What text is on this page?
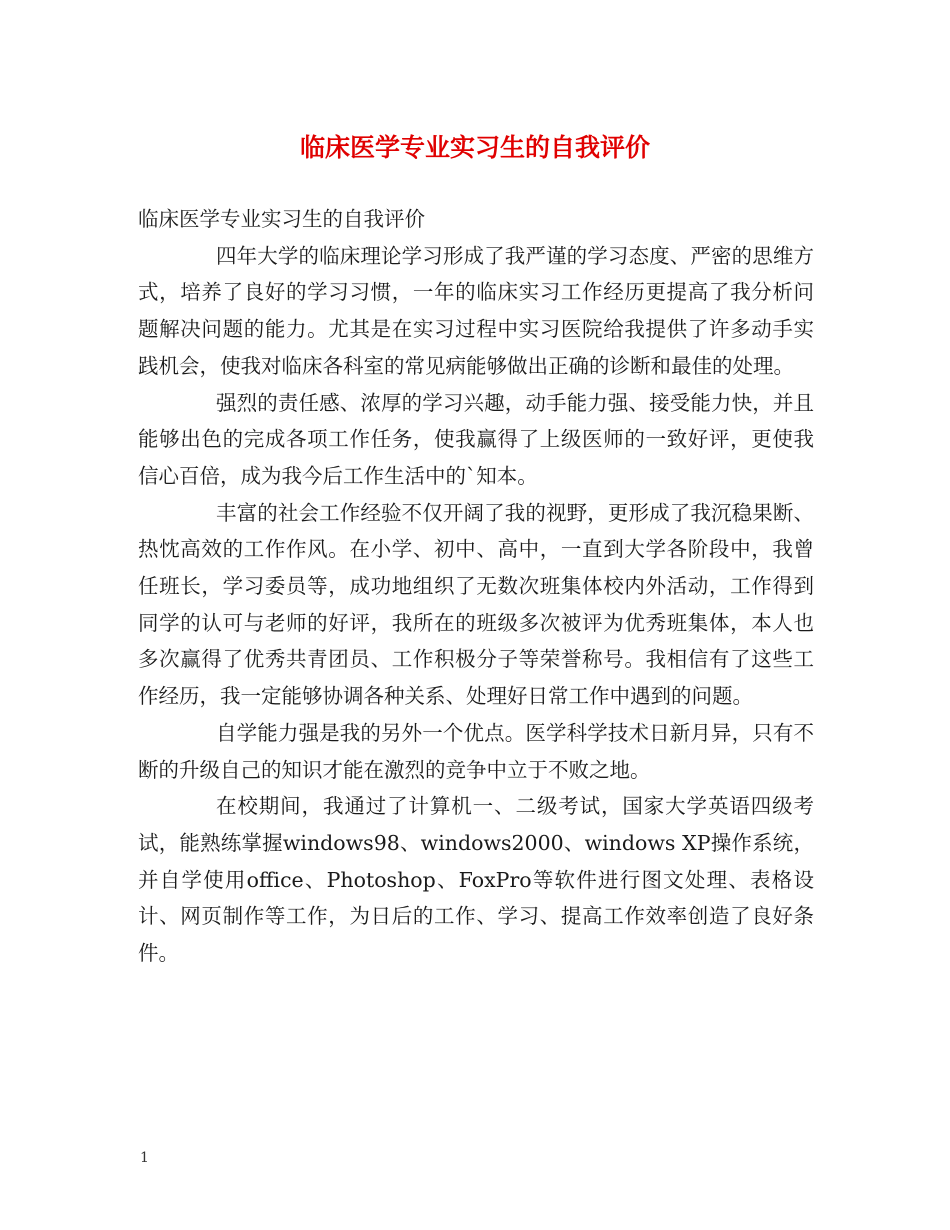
临床医学专业实习生的自我评价

临床医学专业实习生的自我评价

四年大学的临床理论学习形成了我严谨的学习态度、严密的思维方式，培养了良好的学习习惯，一年的临床实习工作经历更提高了我分析问题解决问题的能力。尤其是在实习过程中实习医院给我提供了许多动手实践机会，使我对临床各科室的常见病能够做出正确的诊断和最佳的处理。

强烈的责任感、浓厚的学习兴趣，动手能力强、接受能力快，并且能够出色的完成各项工作任务，使我赢得了上级医师的一致好评，更使我信心百倍，成为我今后工作生活中的`知本。

丰富的社会工作经验不仅开阔了我的视野，更形成了我沉稳果断、热忱高效的工作作风。在小学、初中、高中，一直到大学各阶段中，我曾任班长，学习委员等，成功地组织了无数次班集体校内外活动，工作得到同学的认可与老师的好评，我所在的班级多次被评为优秀班集体，本人也多次赢得了优秀共青团员、工作积极分子等荣誉称号。我相信有了这些工作经历，我一定能够协调各种关系、处理好日常工作中遇到的问题。

自学能力强是我的另外一个优点。医学科学技术日新月异，只有不断的升级自己的知识才能在激烈的竞争中立于不败之地。

在校期间，我通过了计算机一、二级考试，国家大学英语四级考试，能熟练掌握windows98、windows2000、windows XP操作系统，并自学使用office、Photoshop、FoxPro等软件进行图文处理、表格设计、网页制作等工作，为日后的工作、学习、提高工作效率创造了良好条件。

1
